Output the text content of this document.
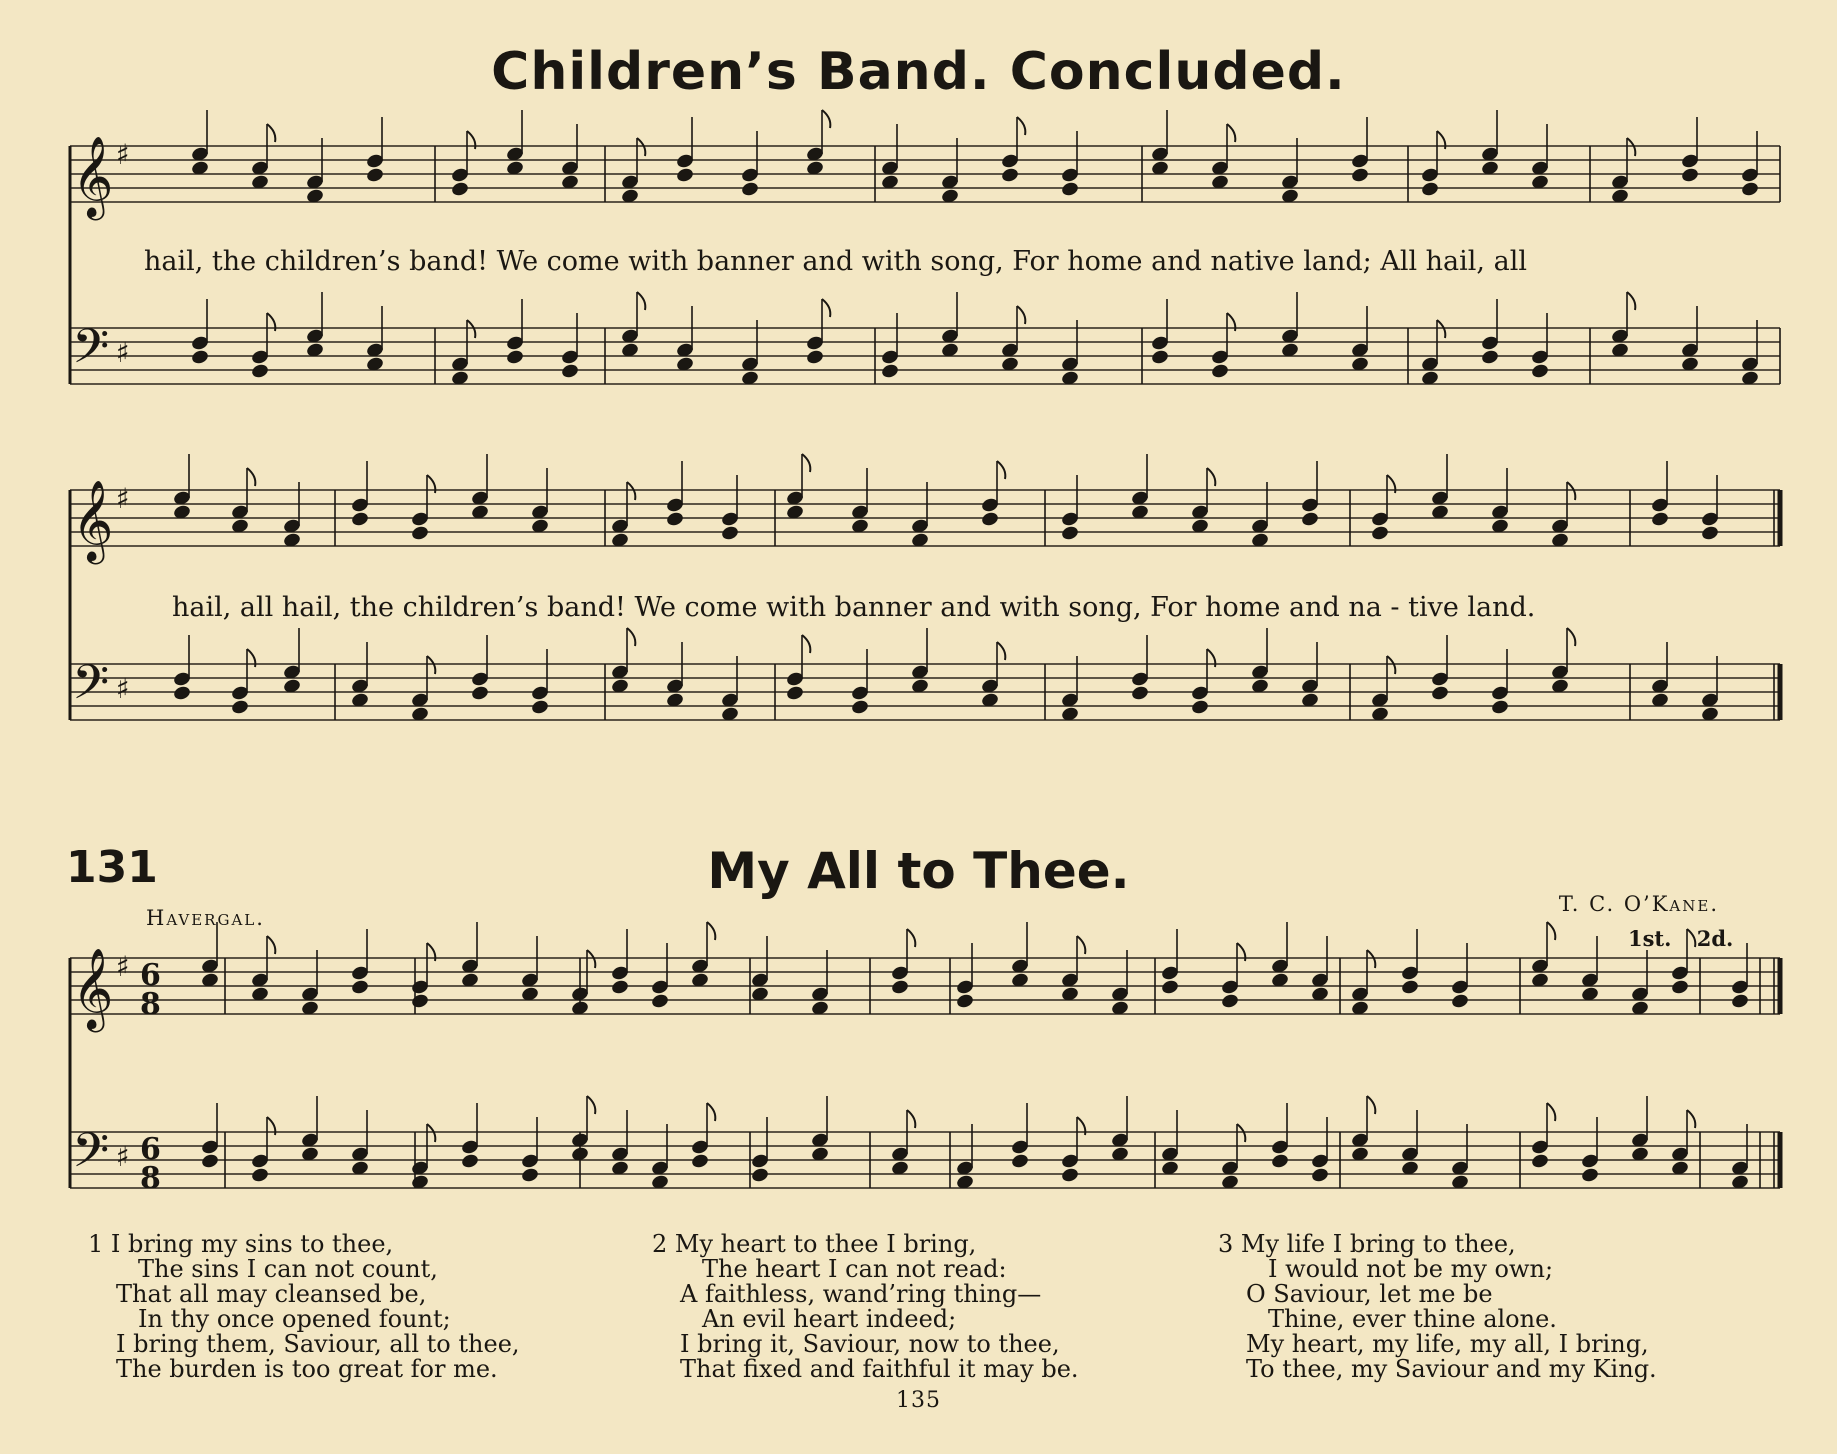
Children’s Band. Concluded.
𝄞 ♯
𝄢 ♯
hail, the children’s band! We come with banner and with song, For home and native land; All hail, all
𝄞 ♯
𝄢 ♯
hail, all hail, the children’s band! We come with banner and with song, For home and na - tive land.
131	My All to Thee.
Havergal.
T. C. O’Kane.
1st. 2d.
𝄞 ♯ 6
8
𝄢 ♯ 6
8
1 I bring my sins to thee,
The sins I can not count,
That all may cleansed be,
In thy once opened fount;
I bring them, Saviour, all to thee,
The burden is too great for me.
2 My heart to thee I bring,
The heart I can not read:
A faithless, wand’ring thing—
An evil heart indeed;
I bring it, Saviour, now to thee,
That fixed and faithful it may be.
3 My life I bring to thee,
I would not be my own;
O Saviour, let me be
Thine, ever thine alone.
My heart, my life, my all, I bring,
To thee, my Saviour and my King.
135
